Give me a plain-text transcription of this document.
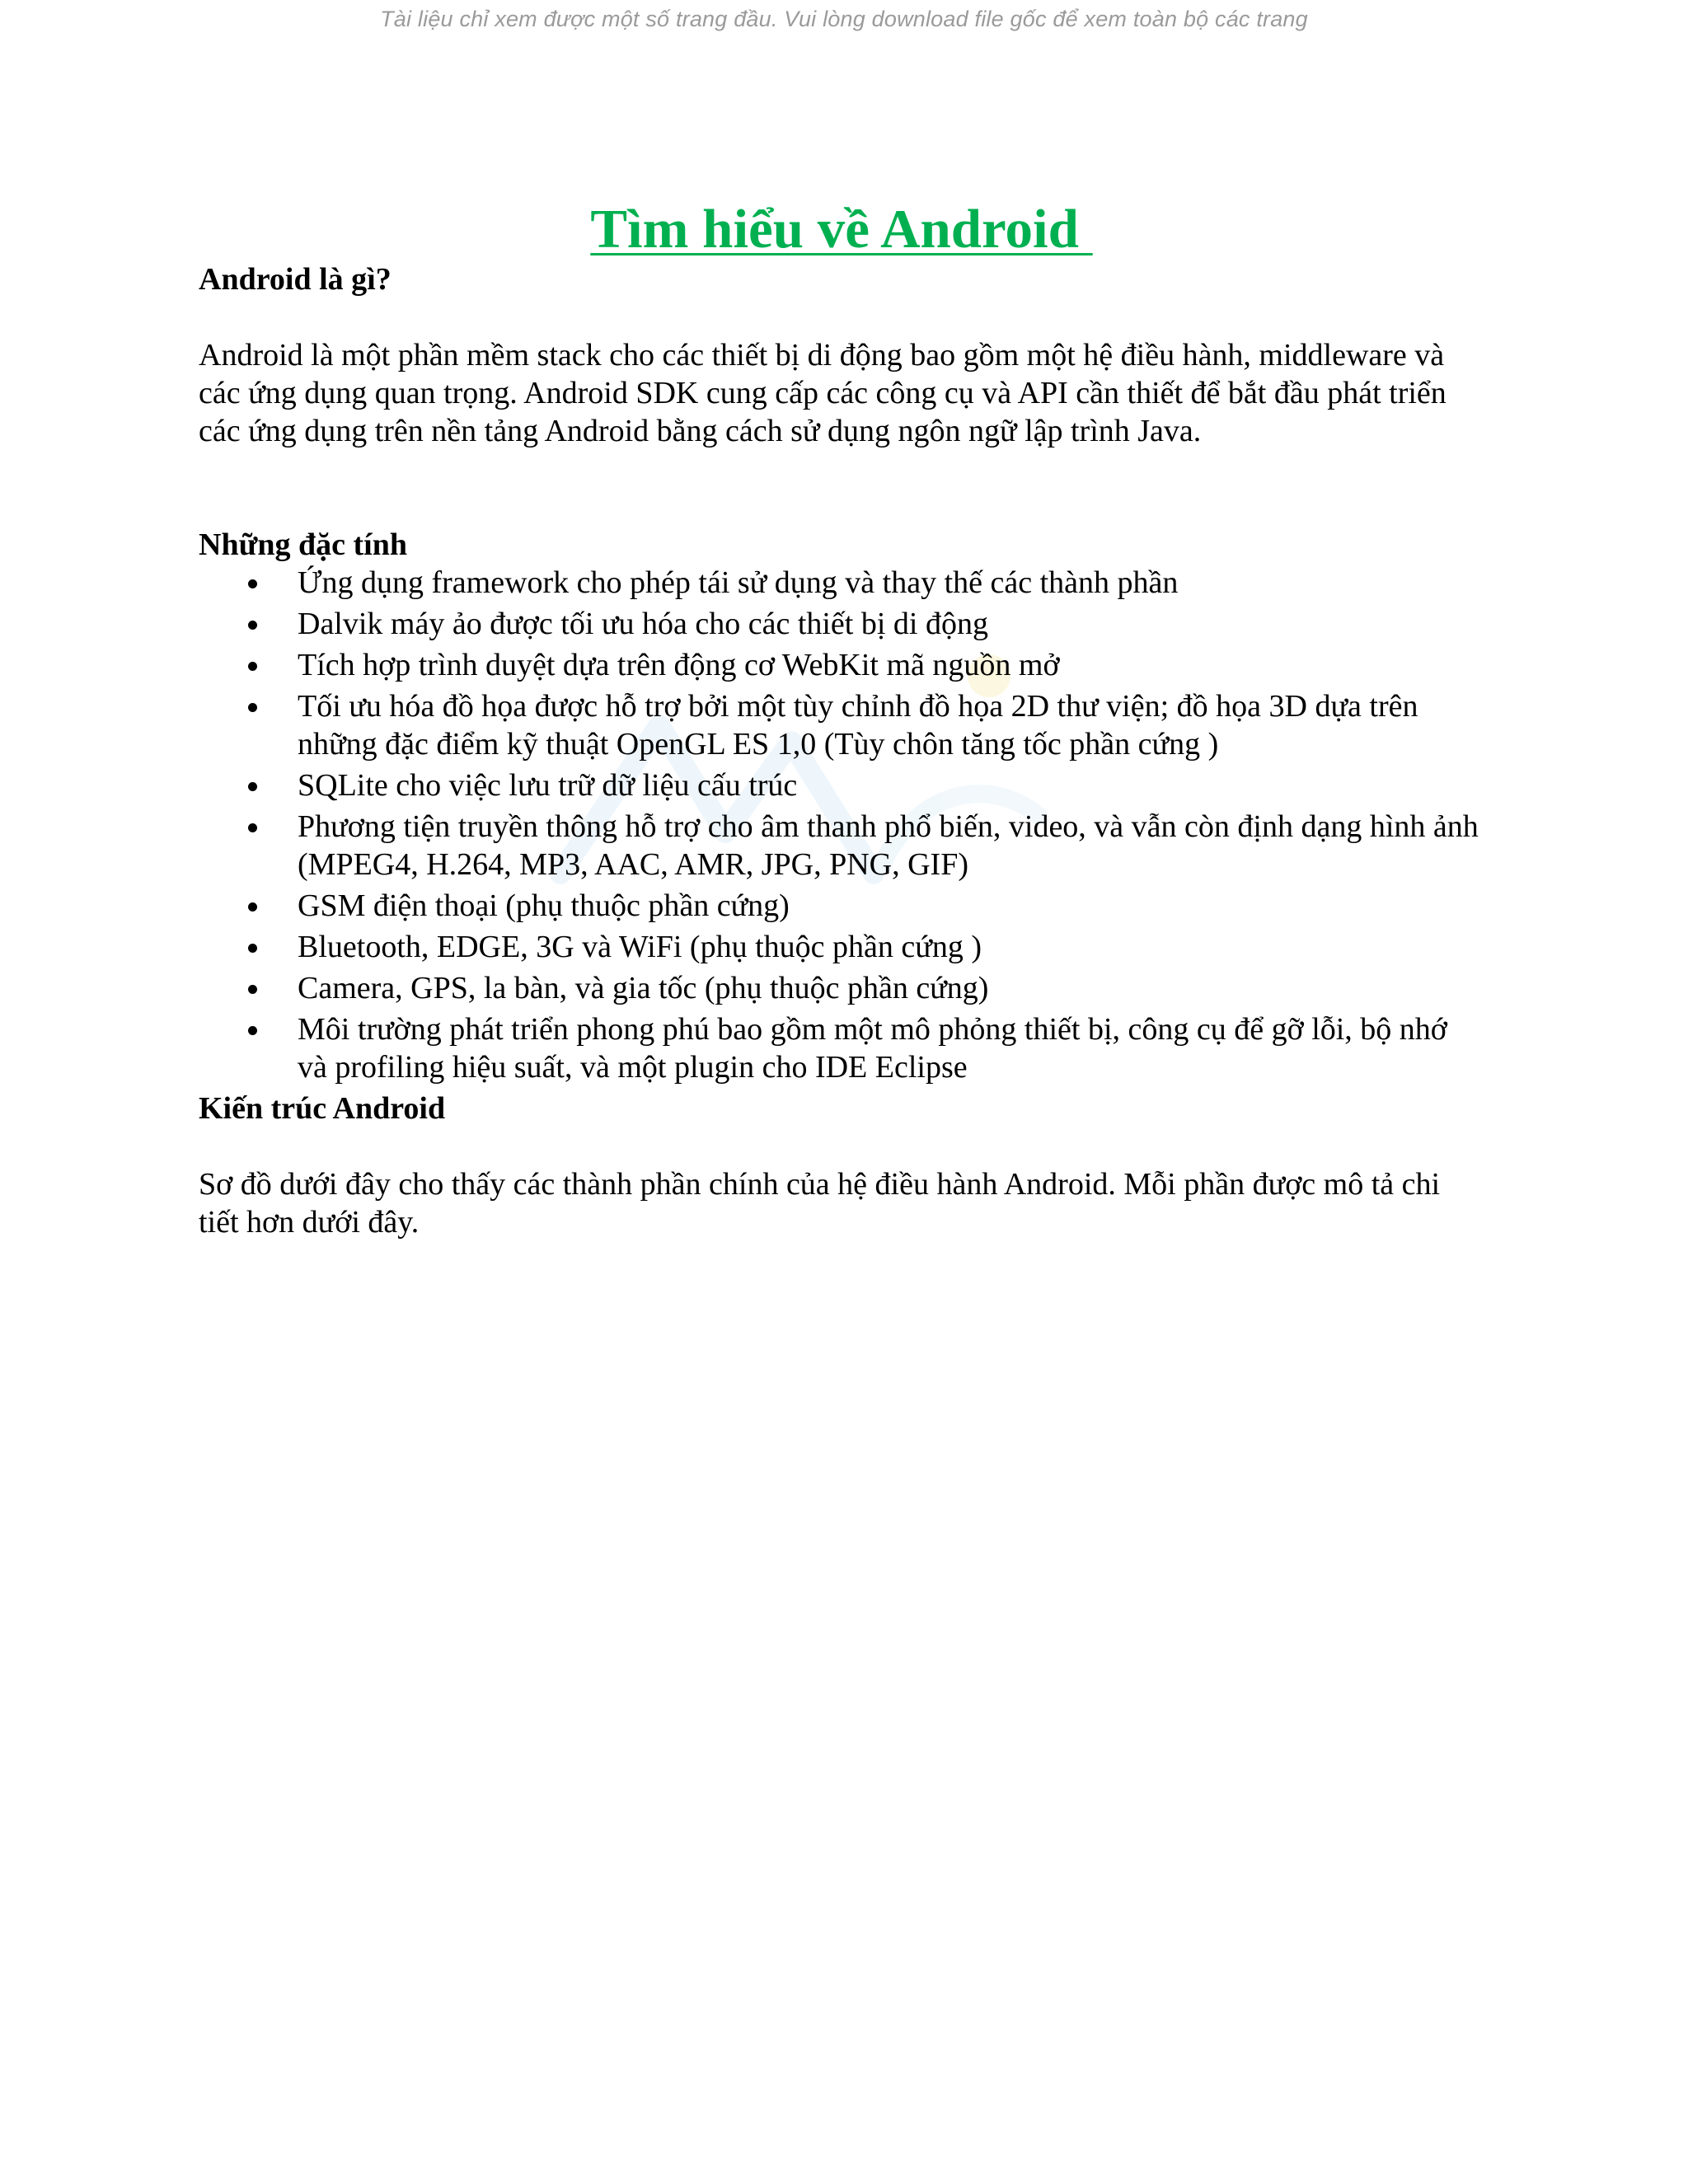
Tài liệu chỉ xem được một số trang đầu. Vui lòng download file gốc để xem toàn bộ các trang
Tìm hiểu về Android

Android là gì?

Android là một phần mềm stack cho các thiết bị di động bao gồm một hệ điều hành, middleware và các ứng dụng quan trọng. Android SDK cung cấp các công cụ và API cần thiết để bắt đầu phát triển các ứng dụng trên nền tảng Android bằng cách sử dụng ngôn ngữ lập trình Java.

Những đặc tính

Ứng dụng framework cho phép tái sử dụng và thay thế các thành phần
Dalvik máy ảo được tối ưu hóa cho các thiết bị di động
Tích hợp trình duyệt dựa trên động cơ WebKit mã nguồn mở
Tối ưu hóa đồ họa được hỗ trợ bởi một tùy chỉnh đồ họa 2D thư viện; đồ họa 3D dựa trên những đặc điểm kỹ thuật OpenGL ES 1,0 (Tùy chôn tăng tốc phần cứng )
SQLite cho việc lưu trữ dữ liệu cấu trúc
Phương tiện truyền thông hỗ trợ cho âm thanh phổ biến, video, và vẫn còn định dạng hình ảnh (MPEG4, H.264, MP3, AAC, AMR, JPG, PNG, GIF)
GSM điện thoại (phụ thuộc phần cứng)
Bluetooth, EDGE, 3G và WiFi (phụ thuộc phần cứng )
Camera, GPS, la bàn, và gia tốc (phụ thuộc phần cứng)
Môi trường phát triển phong phú bao gồm một mô phỏng thiết bị, công cụ để gỡ lỗi, bộ nhớ và profiling hiệu suất, và một plugin cho IDE Eclipse

Kiến trúc Android

Sơ đồ dưới đây cho thấy các thành phần chính của hệ điều hành Android. Mỗi phần được mô tả chi tiết hơn dưới đây.
